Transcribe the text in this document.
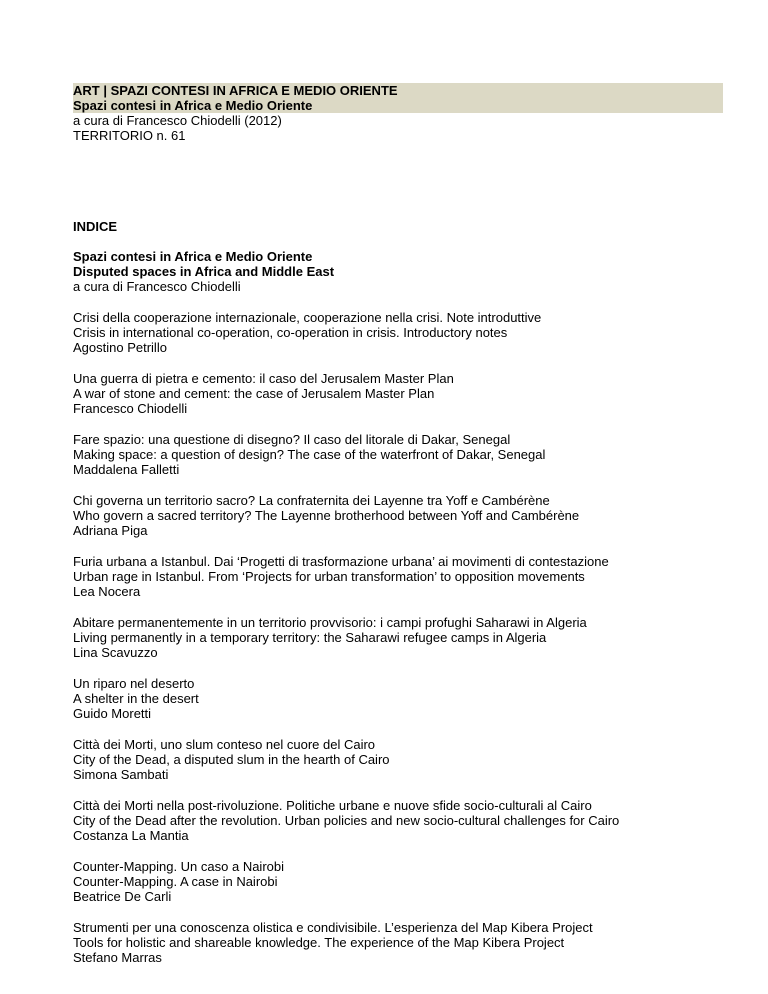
ART | SPAZI CONTESI IN AFRICA E MEDIO ORIENTE
Spazi contesi in Africa e Medio Oriente
a cura di Francesco Chiodelli (2012)
TERRITORIO n. 61
INDICE
Spazi contesi in Africa e Medio Oriente
Disputed spaces in Africa and Middle East
a cura di Francesco Chiodelli
Crisi della cooperazione internazionale, cooperazione nella crisi. Note introduttive
Crisis in international co-operation, co-operation in crisis. Introductory notes
Agostino Petrillo
Una guerra di pietra e cemento: il caso del Jerusalem Master Plan
A war of stone and cement: the case of Jerusalem Master Plan
Francesco Chiodelli
Fare spazio: una questione di disegno? Il caso del litorale di Dakar, Senegal
Making space: a question of design? The case of the waterfront of Dakar, Senegal
Maddalena Falletti
Chi governa un territorio sacro? La confraternita dei Layenne tra Yoff e Cambérène
Who govern a sacred territory? The Layenne brotherhood between Yoff and Cambérène
Adriana Piga
Furia urbana a Istanbul. Dai ‘Progetti di trasformazione urbana’ ai movimenti di contestazione
Urban rage in Istanbul. From ‘Projects for urban transformation’ to opposition movements
Lea Nocera
Abitare permanentemente in un territorio provvisorio: i campi profughi Saharawi in Algeria
Living permanently in a temporary territory: the Saharawi refugee camps in Algeria
Lina Scavuzzo
Un riparo nel deserto
A shelter in the desert
Guido Moretti
Città dei Morti, uno slum conteso nel cuore del Cairo
City of the Dead, a disputed slum in the hearth of Cairo
Simona Sambati
Città dei Morti nella post-rivoluzione. Politiche urbane e nuove sfide socio-culturali al Cairo
City of the Dead after the revolution. Urban policies and new socio-cultural challenges for Cairo
Costanza La Mantia
Counter-Mapping. Un caso a Nairobi
Counter-Mapping. A case in Nairobi
Beatrice De Carli
Strumenti per una conoscenza olistica e condivisibile. L’esperienza del Map Kibera Project
Tools for holistic and shareable knowledge. The experience of the Map Kibera Project
Stefano Marras
